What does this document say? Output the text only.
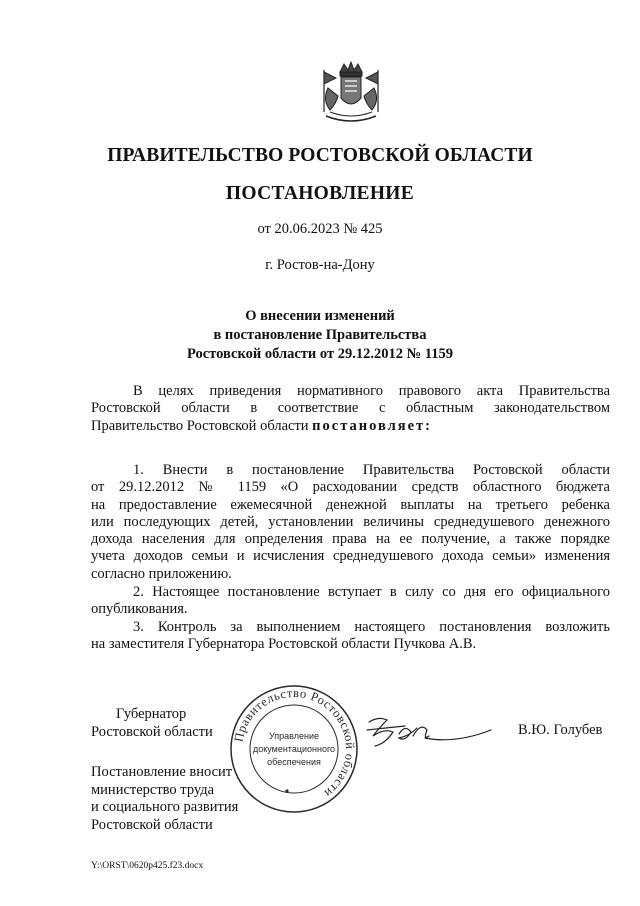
ПРАВИТЕЛЬСТВО РОСТОВСКОЙ ОБЛАСТИ
ПОСТАНОВЛЕНИЕ
от 20.06.2023 № 425
г. Ростов-на-Дону
О внесении изменений
в постановление Правительства
Ростовской области от 29.12.2012 № 1159
В целях приведения нормативного правового акта Правительства
Ростовской области в соответствие с областным законодательством
Правительство Ростовской области постановляет:
1. Внести в постановление Правительства Ростовской области
от 29.12.2012 № 1159 «О расходовании средств областного бюджета
на предоставление ежемесячной денежной выплаты на третьего ребенка
или последующих детей, установлении величины среднедушевого денежного
дохода населения для определения права на ее получение, а также порядке
учета доходов семьи и исчисления среднедушевого дохода семьи» изменения
согласно приложению.
2. Настоящее постановление вступает в силу со дня его официального
опубликования.
3. Контроль за выполнением настоящего постановления возложить
на заместителя Губернатора Ростовской области Пучкова А.В.
Губернатор
Ростовской области
Постановление вносит
министерство труда
и социального развития
Ростовской области
Правительство Ростовской области
Управление
документационного
обеспечения
В.Ю. Голубев
Y:\ORST\0620p425.f23.docx
